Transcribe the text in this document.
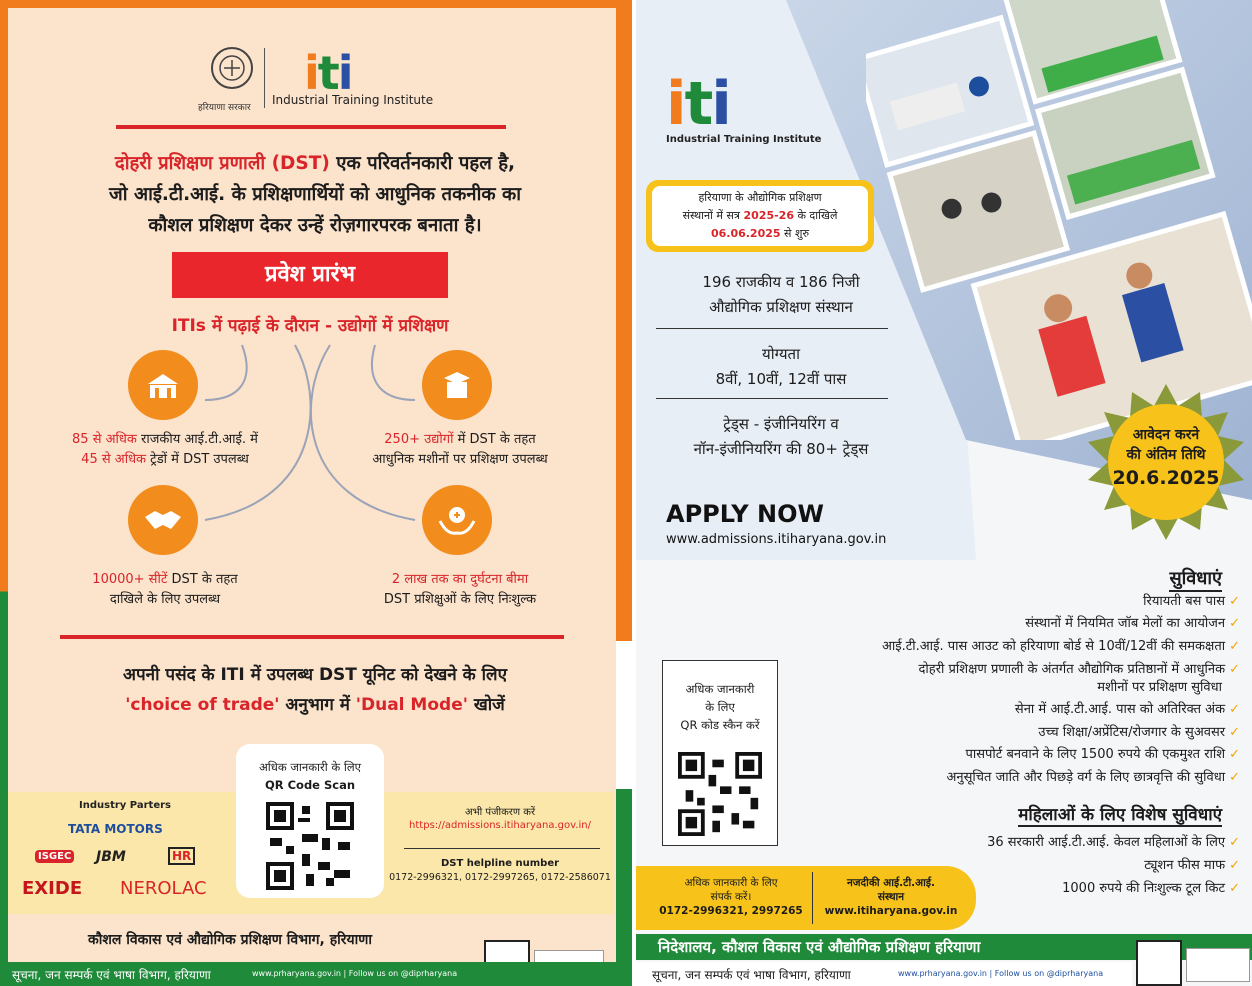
हरियाणा सरकार
iti
Industrial Training Institute
दोहरी प्रशिक्षण प्रणाली (DST) एक परिवर्तनकारी पहल है,
जो आई.टी.आई. के प्रशिक्षणार्थियों को आधुनिक तकनीक का
कौशल प्रशिक्षण देकर उन्हें रोज़गारपरक बनाता है।
प्रवेश प्रारंभ
ITIs में पढ़ाई के दौरान - उद्योगों में प्रशिक्षण
85 से अधिक राजकीय आई.टी.आई. में
45 से अधिक ट्रेडों में DST उपलब्ध
250+ उद्योगों में DST के तहत
आधुनिक मशीनों पर प्रशिक्षण उपलब्ध
10000+ सीटें DST के तहत
दाखिले के लिए उपलब्ध
2 लाख तक का दुर्घटना बीमा
DST प्रशिक्षुओं के लिए निःशुल्क
अपनी पसंद के ITI में उपलब्ध DST यूनिट को देखने के लिए
'choice of trade' अनुभाग में 'Dual Mode' खोजें
Industry Parters
TATA MOTORS
ISGEC JBM	HR
EXIDE NEROLAC
अधिक जानकारी के लिए
QR Code Scan
अभी पंजीकरण करें
https://admissions.itiharyana.gov.in/
DST helpline number
0172-2996321, 0172-2997265, 0172-2586071
कौशल विकास एवं औद्योगिक प्रशिक्षण विभाग, हरियाणा
सूचना, जन सम्पर्क एवं भाषा विभाग, हरियाणा	www.prharyana.gov.in | Follow us on @diprharyana
iti
Industrial Training Institute
हरियाणा के औद्योगिक प्रशिक्षण
संस्थानों में सत्र 2025-26 के दाखिले
06.06.2025 से शुरु
196 राजकीय व 186 निजी
औद्योगिक प्रशिक्षण संस्थान
योग्यता
8वीं, 10वीं, 12वीं पास
ट्रेड्स - इंजीनियरिंग व
नॉन-इंजीनियरिंग की 80+ ट्रेड्स
आवेदन करने
की अंतिम तिथि
20.6.2025
APPLY NOW
www.admissions.itiharyana.gov.in
सुविधाएं
रियायती बस पास ✓
संस्थानों में नियमित जॉब मेलों का आयोजन ✓
आई.टी.आई. पास आउट को हरियाणा बोर्ड से 10वीं/12वीं की समकक्षता ✓
दोहरी प्रशिक्षण प्रणाली के अंतर्गत औद्योगिक प्रतिष्ठानों में आधुनिक ✓
मशीनों पर प्रशिक्षण सुविधा
सेना में आई.टी.आई. पास को अतिरिक्त अंक ✓
उच्च शिक्षा/अप्रेंटिस/रोजगार के सुअवसर ✓
पासपोर्ट बनवाने के लिए 1500 रुपये की एकमुश्त राशि ✓
अनुसूचित जाति और पिछड़े वर्ग के लिए छात्रवृत्ति की सुविधा ✓
महिलाओं के लिए विशेष सुविधाएं
36 सरकारी आई.टी.आई. केवल महिलाओं के लिए ✓
ट्यूशन फीस माफ ✓
1000 रुपये की निःशुल्क टूल किट ✓
अधिक जानकारी
के लिए
QR कोड स्कैन करें
अधिक जानकारी के लिए
संपर्क करें।
0172-2996321, 2997265
नजदीकी आई.टी.आई.
संस्थान
www.itiharyana.gov.in
निदेशालय, कौशल विकास एवं औद्योगिक प्रशिक्षण हरियाणा
सूचना, जन सम्पर्क एवं भाषा विभाग, हरियाणा	www.prharyana.gov.in | Follow us on @diprharyana
